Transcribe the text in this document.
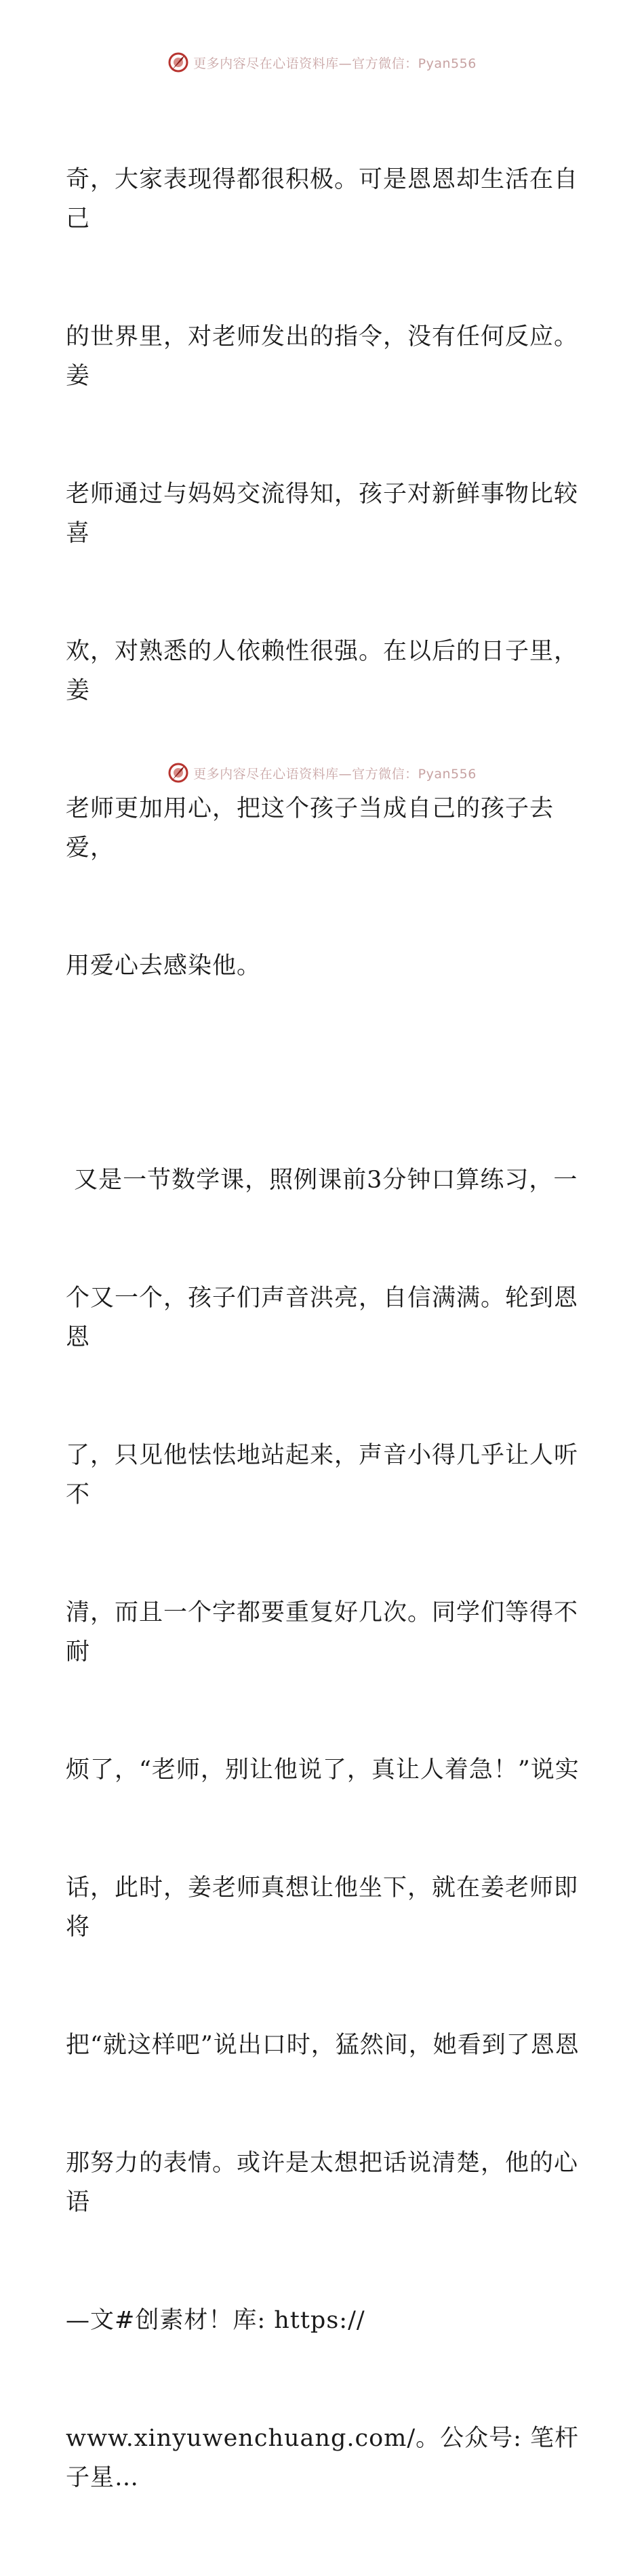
更多内容尽在心语资料库—官方微信：Pyan556

奇，大家表现得都很积极。可是恩恩却生活在自己

的世界里，对老师发出的指令，没有任何反应。姜

老师通过与妈妈交流得知，孩子对新鲜事物比较喜

欢，对熟悉的人依赖性很强。在以后的日子里，姜

老师更加用心，把这个孩子当成自己的孩子去爱，

用爱心去感染他。

又是一节数学课，照例课前3分钟口算练习，一

个又一个，孩子们声音洪亮，自信满满。轮到恩恩

了，只见他怯怯地站起来，声音小得几乎让人听不

清，而且一个字都要重复好几次。同学们等得不耐

烦了，“老师，别让他说了，真让人着急！”说实

话，此时，姜老师真想让他坐下，就在姜老师即将

把“就这样吧”说出口时，猛然间，她看到了恩恩

那努力的表情。或许是太想把话说清楚，他的心语

—文#创素材！库: https://

www.xinyuwenchuang.com/。公众号: 笔杆子星…

更多内容尽在心语资料库—官方微信：Pyan556
